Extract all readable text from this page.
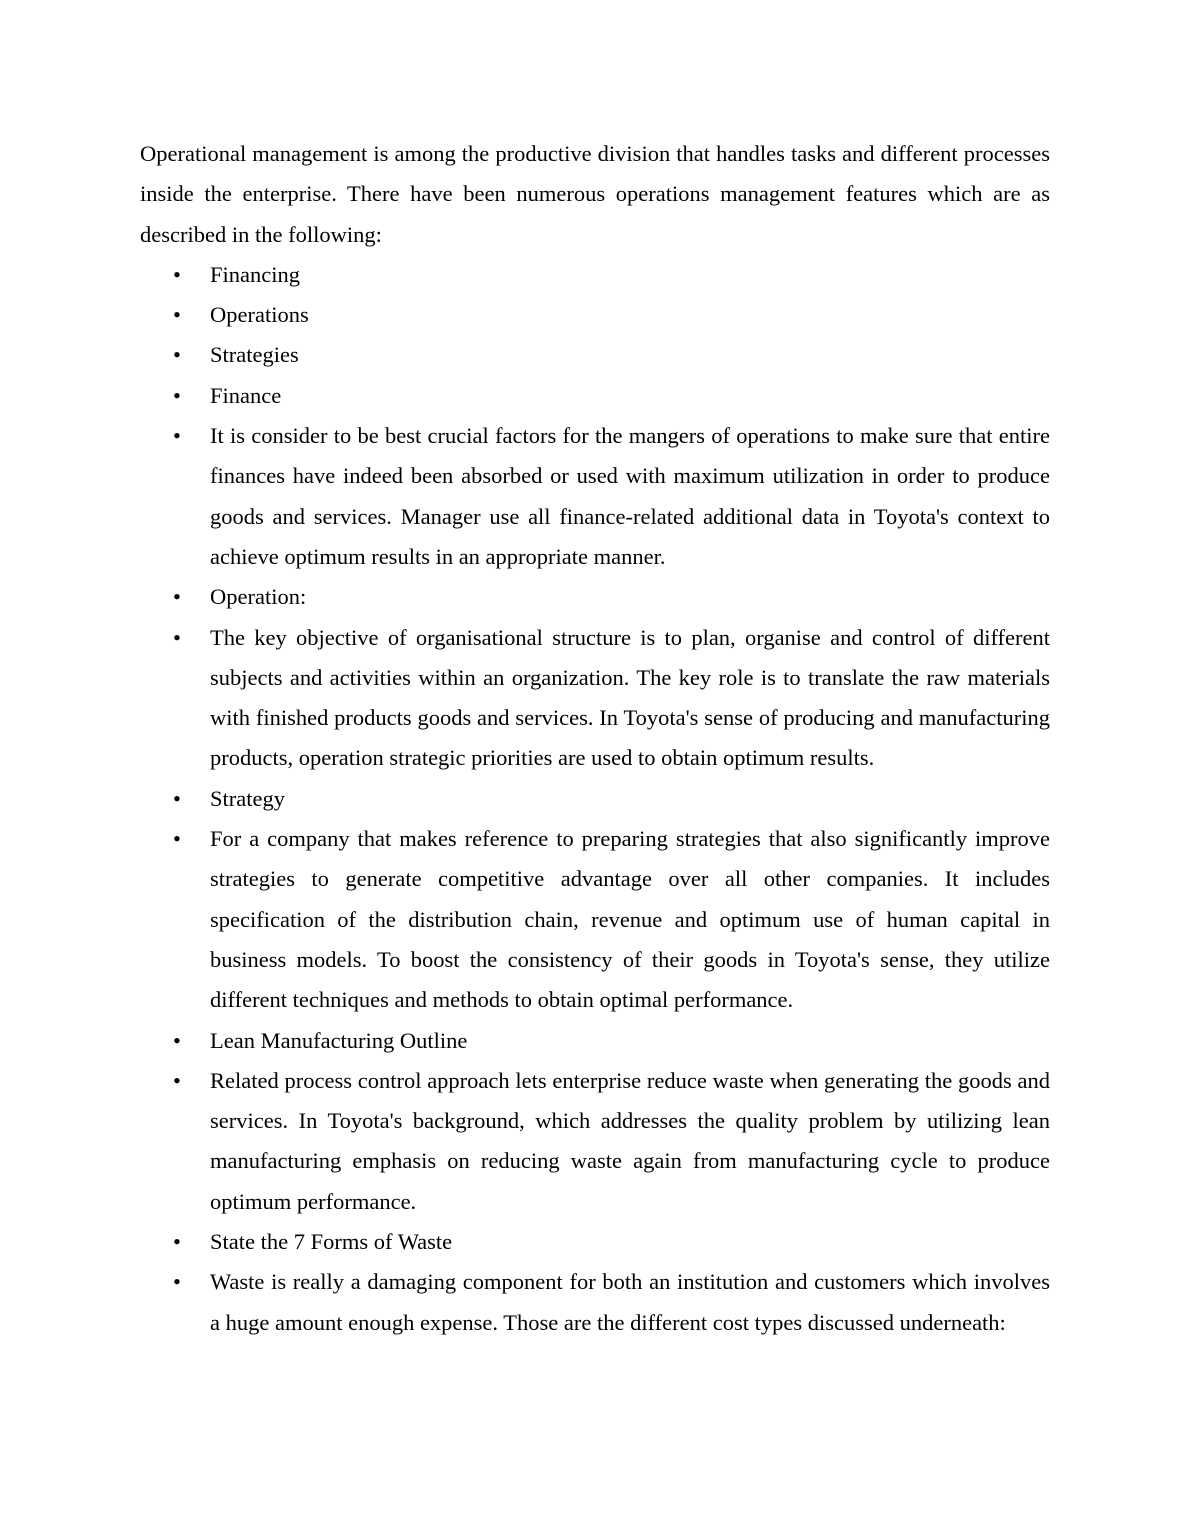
Operational management is among the productive division that handles tasks and different processes inside the enterprise. There have been numerous operations management features which are as described in the following:

•	Financing
•	Operations
•	Strategies
•	Finance
•	It is consider to be best crucial factors for the mangers of operations to make sure that entire finances have indeed been absorbed or used with maximum utilization in order to produce goods and services. Manager use all finance-related additional data in Toyota's context to achieve optimum results in an appropriate manner.
•	Operation:
•	The key objective of organisational structure is to plan, organise and control of different subjects and activities within an organization. The key role is to translate the raw materials with finished products goods and services. In Toyota's sense of producing and manufacturing products, operation strategic priorities are used to obtain optimum results.
•	Strategy
•	For a company that makes reference to preparing strategies that also significantly improve strategies to generate competitive advantage over all other companies. It includes specification of the distribution chain, revenue and optimum use of human capital in business models. To boost the consistency of their goods in Toyota's sense, they utilize different techniques and methods to obtain optimal performance.
•	Lean Manufacturing Outline
•	Related process control approach lets enterprise reduce waste when generating the goods and services. In Toyota's background, which addresses the quality problem by utilizing lean manufacturing emphasis on reducing waste again from manufacturing cycle to produce optimum performance.
•	State the 7 Forms of Waste
•	Waste is really a damaging component for both an institution and customers which involves a huge amount enough expense. Those are the different cost types discussed underneath:
